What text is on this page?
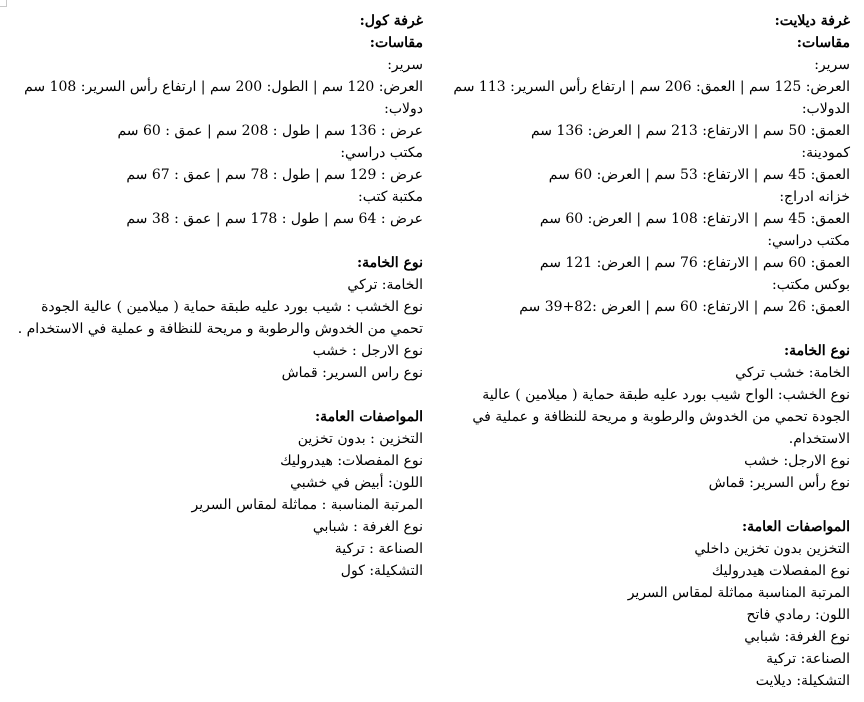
غرفة ديلايت:
مقاسات:
سرير:
العرض: 125 سم | العمق: 206 سم | ارتفاع رأس السرير: 113 سم
الدولاب:
العمق: 50 سم | الارتفاع: 213 سم | العرض: 136 سم
كمودينة:
العمق: 45 سم | الارتفاع: 53 سم | العرض: 60 سم
خزانه ادراج:
العمق: 45 سم | الارتفاع: 108 سم | العرض: 60 سم
مكتب دراسي:
العمق: 60 سم | الارتفاع: 76 سم | العرض: 121 سم
بوكس مكتب:
العمق: 26 سم | الارتفاع: 60 سم | العرض :82+39 سم
نوع الخامة:
الخامة: خشب تركي
نوع الخشب: الواح شيب بورد عليه طبقة حماية ( ميلامين ) عالية الجودة تحمي من الخدوش والرطوبة و مريحة للنظافة و عملية في الاستخدام.
نوع الارجل: خشب
نوع رأس السرير: قماش
المواصفات العامة:
التخزين بدون تخزين داخلي
نوع المفصلات هيدروليك
المرتبة المناسبة مماثلة لمقاس السرير
اللون: رمادي فاتح
نوع الغرفة: شبابي
الصناعة: تركية
التشكيلة: ديلايت
غرفة كول:
مقاسات:
سرير:
العرض: 120 سم | الطول: 200 سم | ارتفاع رأس السرير: 108 سم
دولاب:
عرض : 136 سم | طول : 208 سم | عمق : 60 سم
مكتب دراسي:
عرض : 129 سم | طول : 78 سم | عمق : 67 سم
مكتبة كتب:
عرض : 64 سم | طول : 178 سم | عمق : 38 سم
نوع الخامة:
الخامة: تركي
نوع الخشب : شيب بورد عليه طبقة حماية ( ميلامين ) عالية الجودة تحمي من الخدوش والرطوبة و مريحة للنظافة و عملية في الاستخدام .
نوع الارجل : خشب
نوع راس السرير: قماش
المواصفات العامة:
التخزين : بدون تخزين
نوع المفصلات: هيدروليك
اللون: أبيض في خشبي
المرتبة المناسبة : مماثلة لمقاس السرير
نوع الغرفة : شبابي
الصناعة : تركية
التشكيلة: كول
